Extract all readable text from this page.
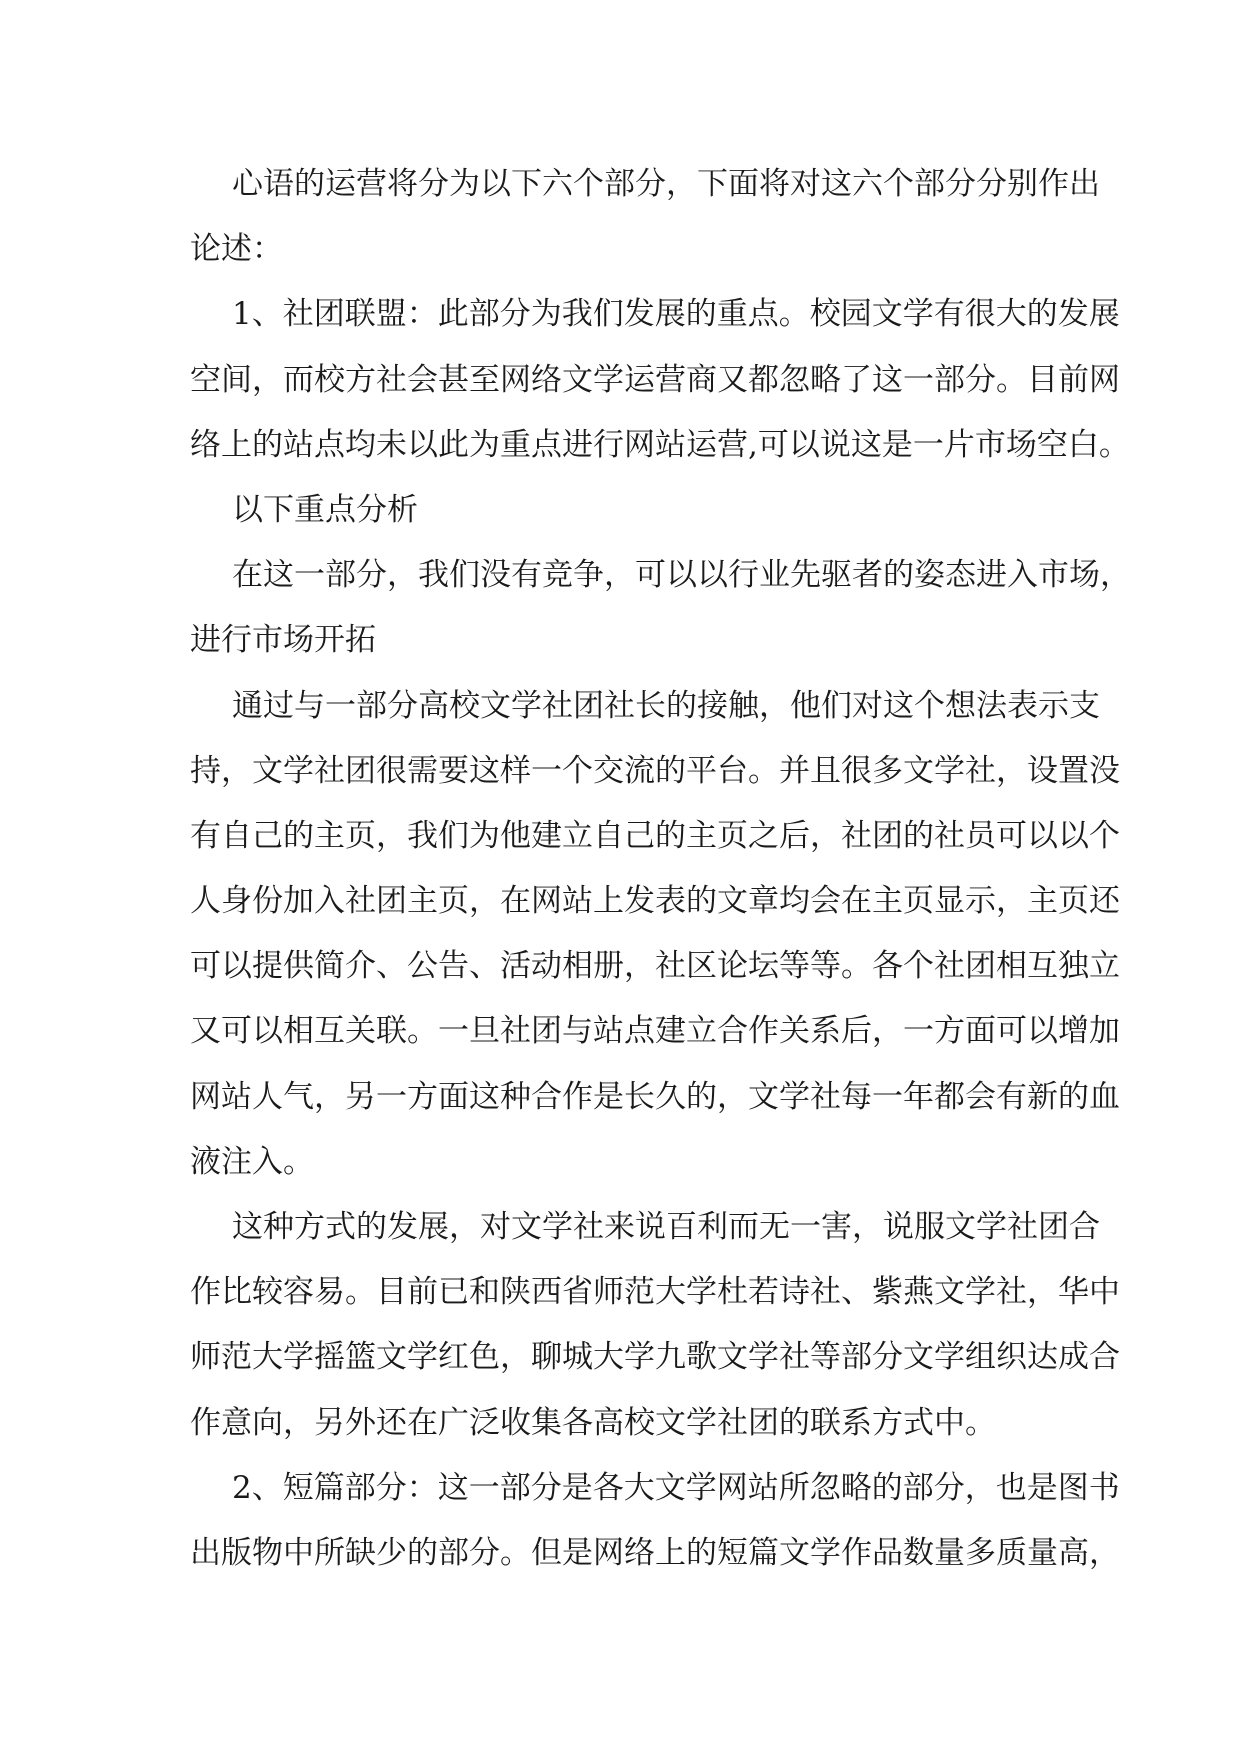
心语的运营将分为以下六个部分，下面将对这六个部分分别作出
论述：
1、社团联盟：此部分为我们发展的重点。校园文学有很大的发展
空间，而校方社会甚至网络文学运营商又都忽略了这一部分。目前网
络上的站点均未以此为重点进行网站运营,可以说这是一片市场空白。
以下重点分析
在这一部分，我们没有竞争，可以以行业先驱者的姿态进入市场，
进行市场开拓
通过与一部分高校文学社团社长的接触，他们对这个想法表示支
持，文学社团很需要这样一个交流的平台。并且很多文学社，设置没
有自己的主页，我们为他建立自己的主页之后，社团的社员可以以个
人身份加入社团主页，在网站上发表的文章均会在主页显示，主页还
可以提供简介、公告、活动相册，社区论坛等等。各个社团相互独立
又可以相互关联。一旦社团与站点建立合作关系后，一方面可以增加
网站人气，另一方面这种合作是长久的，文学社每一年都会有新的血
液注入。
这种方式的发展，对文学社来说百利而无一害，说服文学社团合
作比较容易。目前已和陕西省师范大学杜若诗社、紫燕文学社，华中
师范大学摇篮文学红色，聊城大学九歌文学社等部分文学组织达成合
作意向，另外还在广泛收集各高校文学社团的联系方式中。
2、短篇部分：这一部分是各大文学网站所忽略的部分，也是图书
出版物中所缺少的部分。但是网络上的短篇文学作品数量多质量高，
